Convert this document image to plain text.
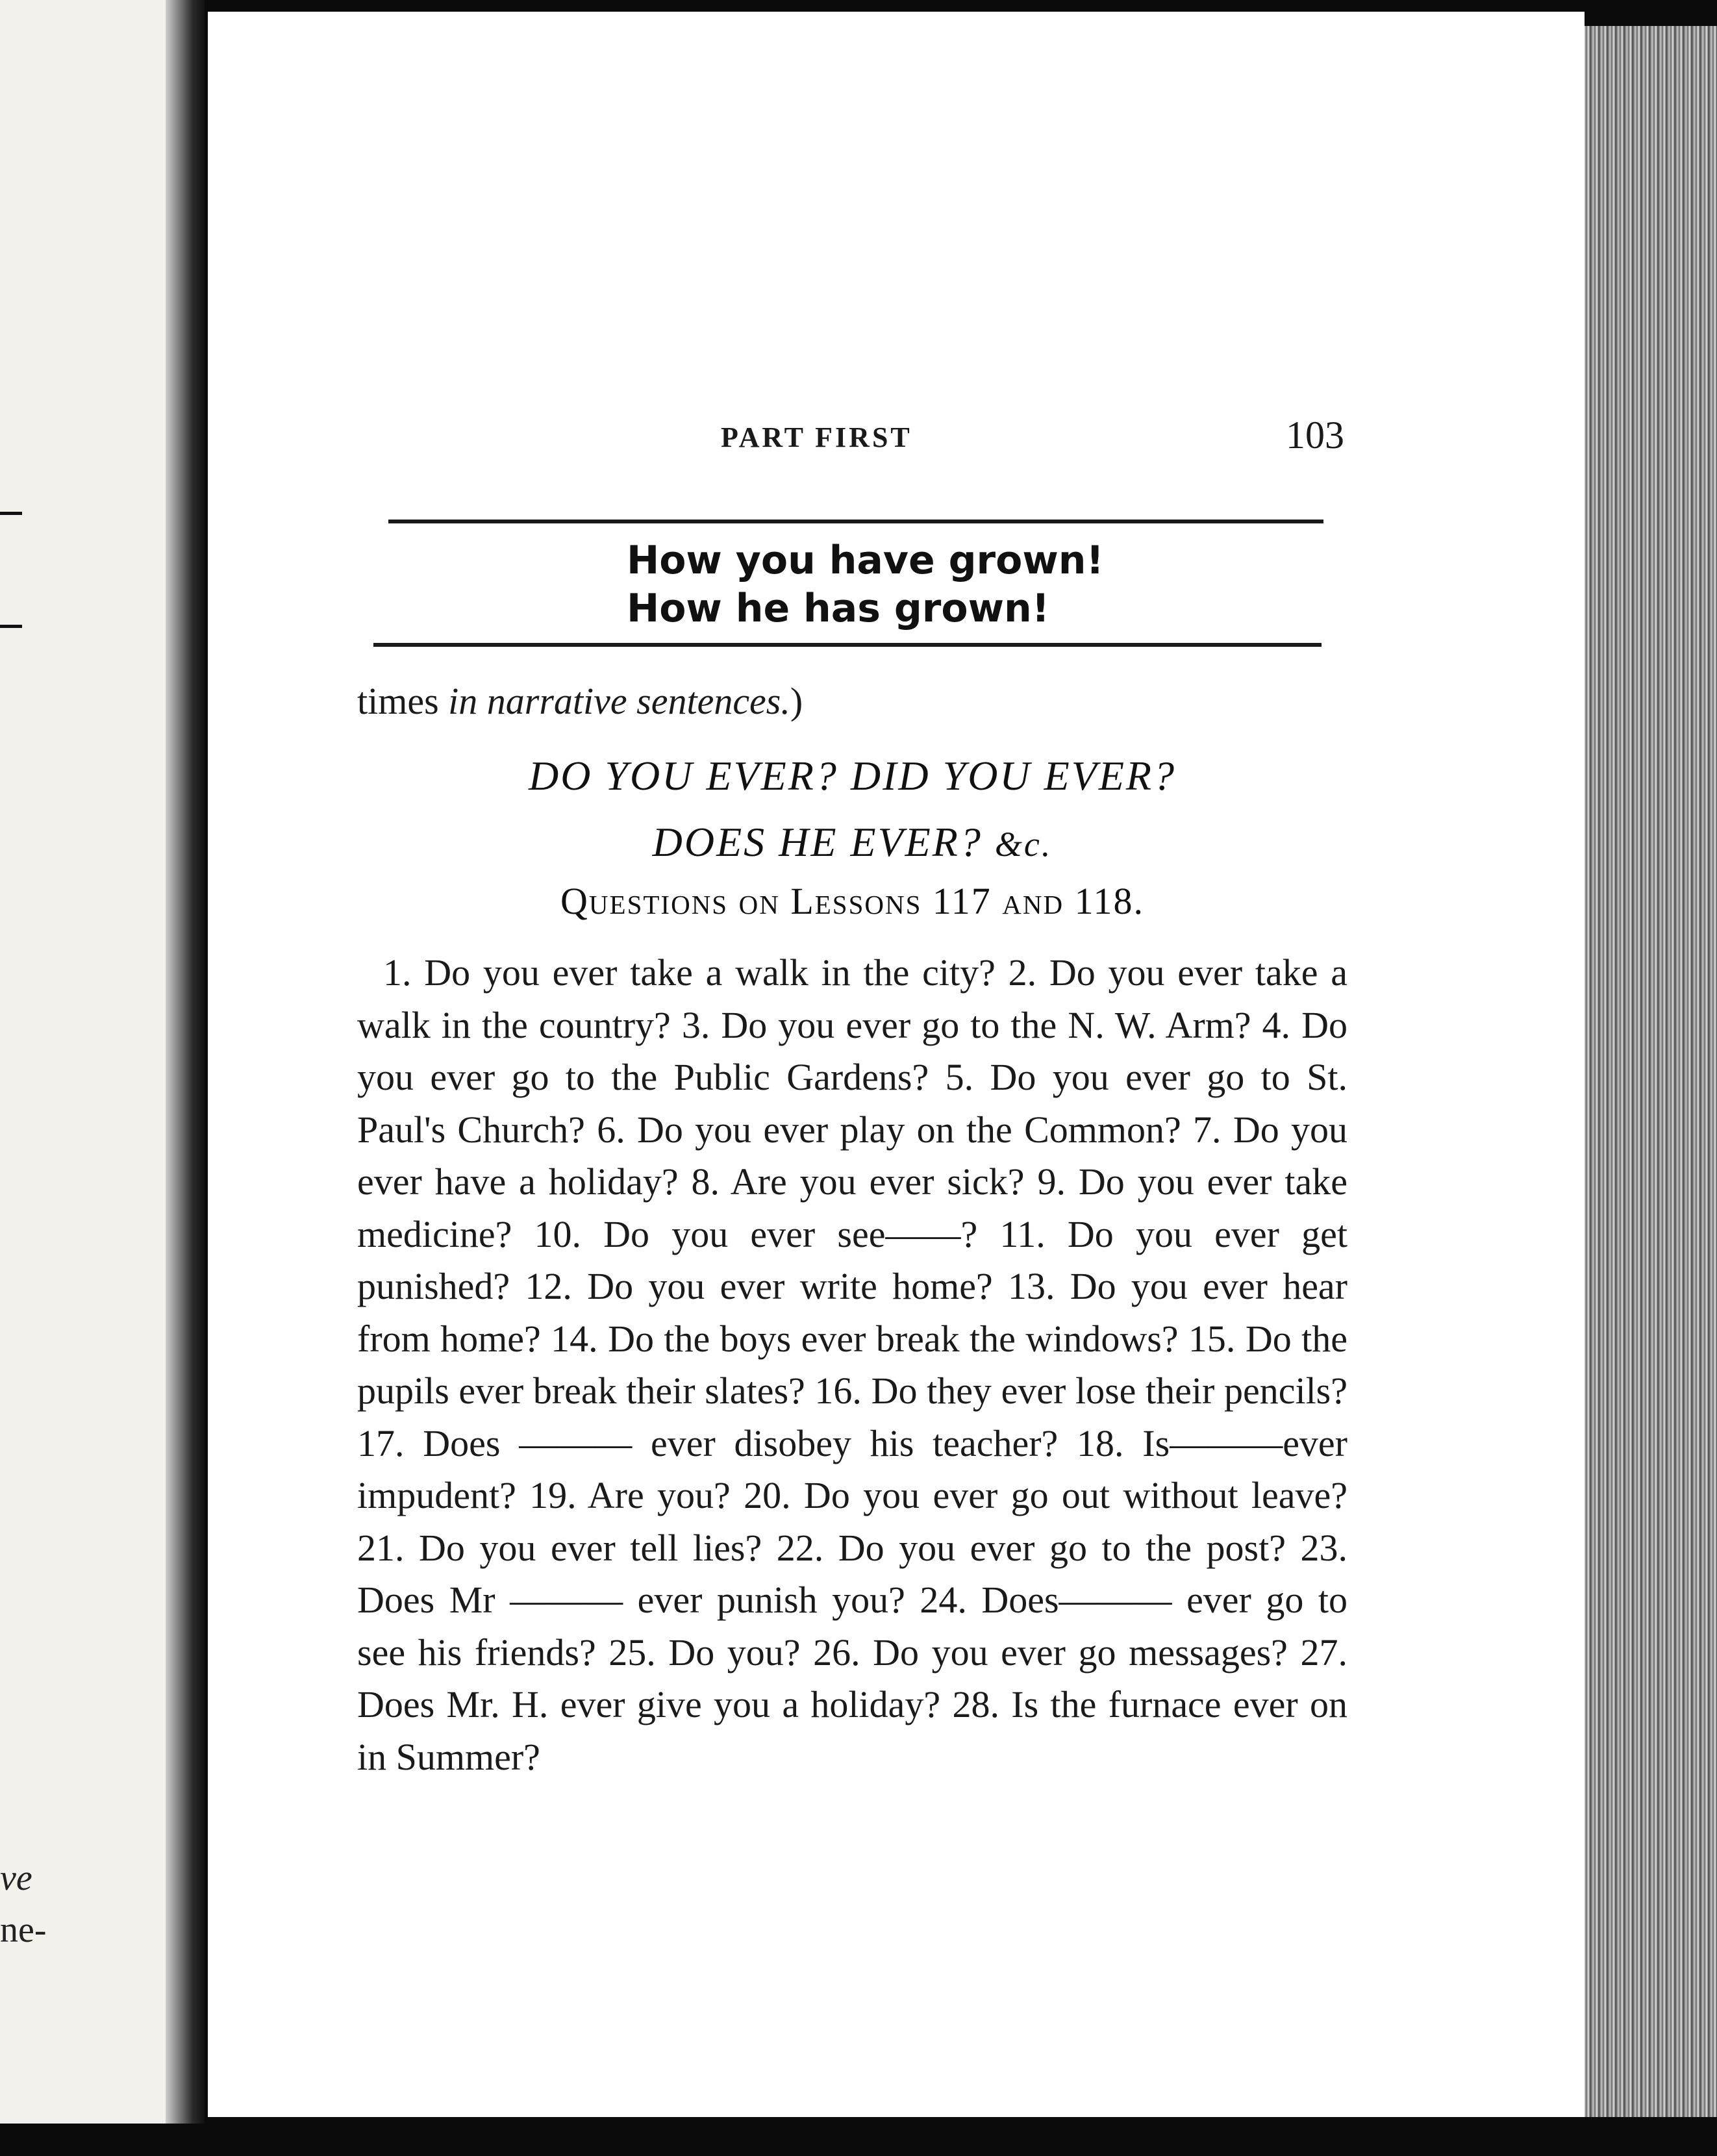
ve
ne-
PART FIRST	103
How you have grown!
How he has grown!
times in narrative sentences.)
DO YOU EVER? DID YOU EVER?
DOES HE EVER? &c.
Questions on Lessons 117 and 118.
1. Do you ever take a walk in the city? 2. Do you ever take a walk in the country? 3. Do you ever go to the N. W. Arm? 4. Do you ever go to the Public Gardens? 5. Do you ever go to St. Paul's Church? 6. Do you ever play on the Common? 7. Do you ever have a holiday? 8. Are you ever sick? 9. Do you ever take medicine? 10. Do you ever see——? 11. Do you ever get punished? 12. Do you ever write home? 13. Do you ever hear from home? 14. Do the boys ever break the windows? 15. Do the pupils ever break their slates? 16. Do they ever lose their pencils? 17. Does ——— ever disobey his teacher? 18. Is———ever impudent? 19. Are you? 20. Do you ever go out without leave? 21. Do you ever tell lies? 22. Do you ever go to the post? 23. Does Mr ——— ever punish you? 24. Does——— ever go to see his friends? 25. Do you? 26. Do you ever go messages? 27. Does Mr. H. ever give you a holiday? 28. Is the furnace ever on in Summer?
